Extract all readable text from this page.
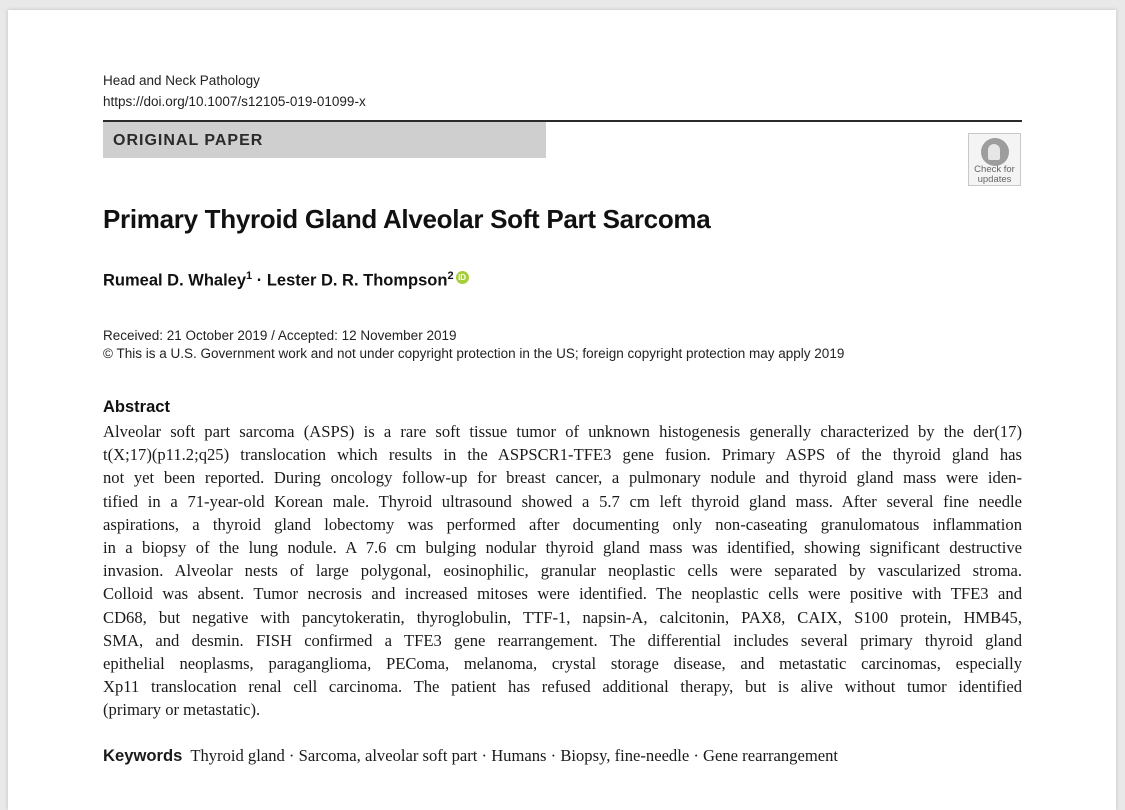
Head and Neck Pathology
https://doi.org/10.1007/s12105-019-01099-x
ORIGINAL PAPER
Check for
updates
Primary Thyroid Gland Alveolar Soft Part Sarcoma
Rumeal D. Whaley$^1$ · Lester D. R. Thompson$^2$ iD
Received: 21 October 2019 / Accepted: 12 November 2019
© This is a U.S. Government work and not under copyright protection in the US; foreign copyright protection may apply 2019
Abstract
Alveolar soft part sarcoma (ASPS) is a rare soft tissue tumor of unknown histogenesis generally characterized by the der(17)
t(X;17)(p11.2;q25) translocation which results in the ASPSCR1-TFE3 gene fusion. Primary ASPS of the thyroid gland has
not yet been reported. During oncology follow-up for breast cancer, a pulmonary nodule and thyroid gland mass were iden-
tified in a 71-year-old Korean male. Thyroid ultrasound showed a 5.7 cm left thyroid gland mass. After several fine needle
aspirations, a thyroid gland lobectomy was performed after documenting only non-caseating granulomatous inflammation
in a biopsy of the lung nodule. A 7.6 cm bulging nodular thyroid gland mass was identified, showing significant destructive
invasion. Alveolar nests of large polygonal, eosinophilic, granular neoplastic cells were separated by vascularized stroma.
Colloid was absent. Tumor necrosis and increased mitoses were identified. The neoplastic cells were positive with TFE3 and
CD68, but negative with pancytokeratin, thyroglobulin, TTF-1, napsin-A, calcitonin, PAX8, CAIX, S100 protein, HMB45,
SMA, and desmin. FISH confirmed a TFE3 gene rearrangement. The differential includes several primary thyroid gland
epithelial neoplasms, paraganglioma, PEComa, melanoma, crystal storage disease, and metastatic carcinomas, especially
Xp11 translocation renal cell carcinoma. The patient has refused additional therapy, but is alive without tumor identified
(primary or metastatic).
Keywords Thyroid gland · Sarcoma, alveolar soft part · Humans · Biopsy, fine-needle · Gene rearrangement
